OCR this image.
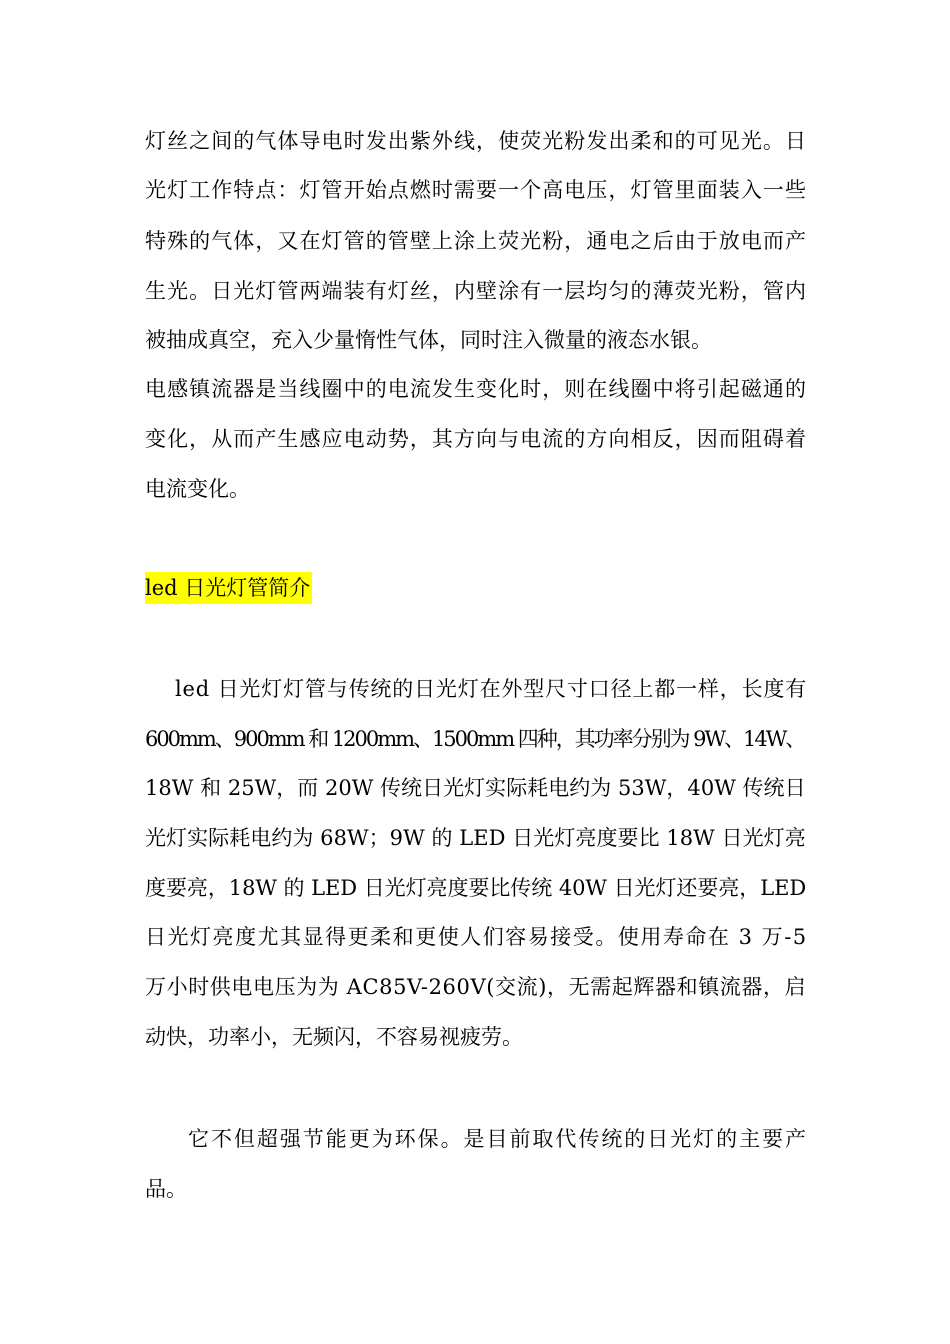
灯丝之间的气体导电时发出紫外线，使荧光粉发出柔和的可见光。日
光灯工作特点：灯管开始点燃时需要一个高电压，灯管里面装入一些
特殊的气体，又在灯管的管壁上涂上荧光粉，通电之后由于放电而产
生光。日光灯管两端装有灯丝，内壁涂有一层均匀的薄荧光粉，管内
被抽成真空，充入少量惰性气体，同时注入微量的液态水银。
电感镇流器是当线圈中的电流发生变化时，则在线圈中将引起磁通的
变化，从而产生感应电动势，其方向与电流的方向相反，因而阻碍着
电流变化。
led 日光灯管简介
led 日光灯灯管与传统的日光灯在外型尺寸口径上都一样，长度有
600mm、900mm 和 1200mm、1500mm 四种，其功率分别为 9W、14W、
18W 和 25W，而 20W 传统日光灯实际耗电约为 53W，40W 传统日
光灯实际耗电约为 68W；9W 的 LED 日光灯亮度要比 18W 日光灯亮
度要亮，18W 的 LED 日光灯亮度要比传统 40W 日光灯还要亮，LED
日光灯亮度尤其显得更柔和更使人们容易接受。使用寿命在 3 万-5
万小时供电电压为为 AC85V-260V(交流)，无需起辉器和镇流器，启
动快，功率小，无频闪，不容易视疲劳。
它不但超强节能更为环保。是目前取代传统的日光灯的主要产
品。
